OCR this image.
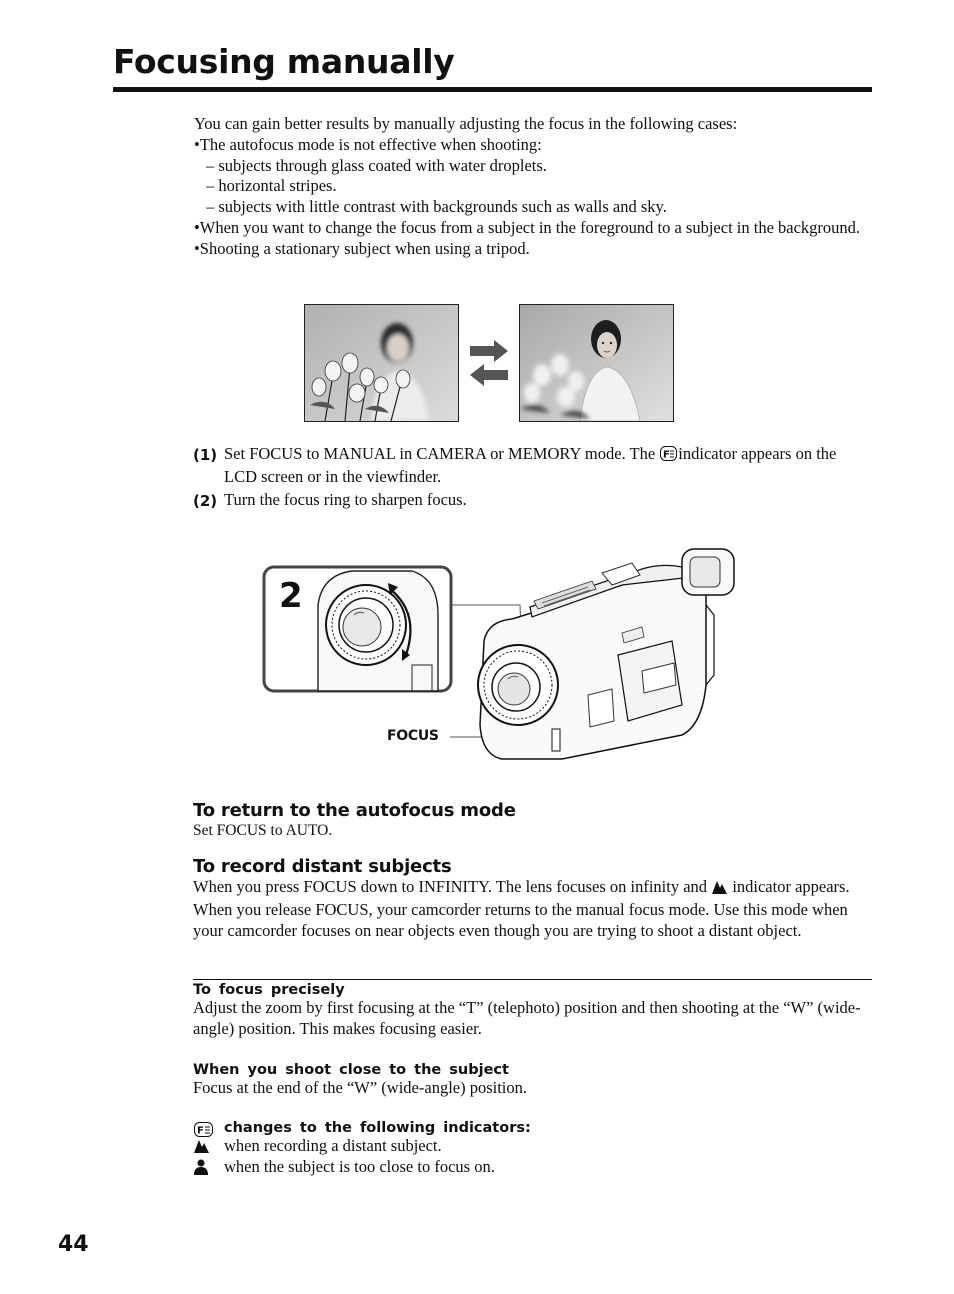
Focusing manually
You can gain better results by manually adjusting the focus in the following cases:
•The autofocus mode is not effective when shooting:
– subjects through glass coated with water droplets.
– horizontal stripes.
– subjects with little contrast with backgrounds such as walls and sky.
•When you want to change the focus from a subject in the foreground to a subject in the background.
•Shooting a stationary subject when using a tripod.
(1) Set FOCUS to MANUAL in CAMERA or MEMORY mode. The F indicator appears on the LCD screen or in the viewfinder.
(2) Turn the focus ring to sharpen focus.
2
FOCUS
To return to the autofocus mode
Set FOCUS to AUTO.
To record distant subjects
When you press FOCUS down to INFINITY. The lens focuses on infinity and indicator appears. When you release FOCUS, your camcorder returns to the manual focus mode. Use this mode when your camcorder focuses on near objects even though you are trying to shoot a distant object.
To focus precisely
Adjust the zoom by first focusing at the “T” (telephoto) position and then shooting at the “W” (wide-angle) position. This makes focusing easier.
When you shoot close to the subject
Focus at the end of the “W” (wide-angle) position.
F changes to the following indicators:
when recording a distant subject.
when the subject is too close to focus on.
44
